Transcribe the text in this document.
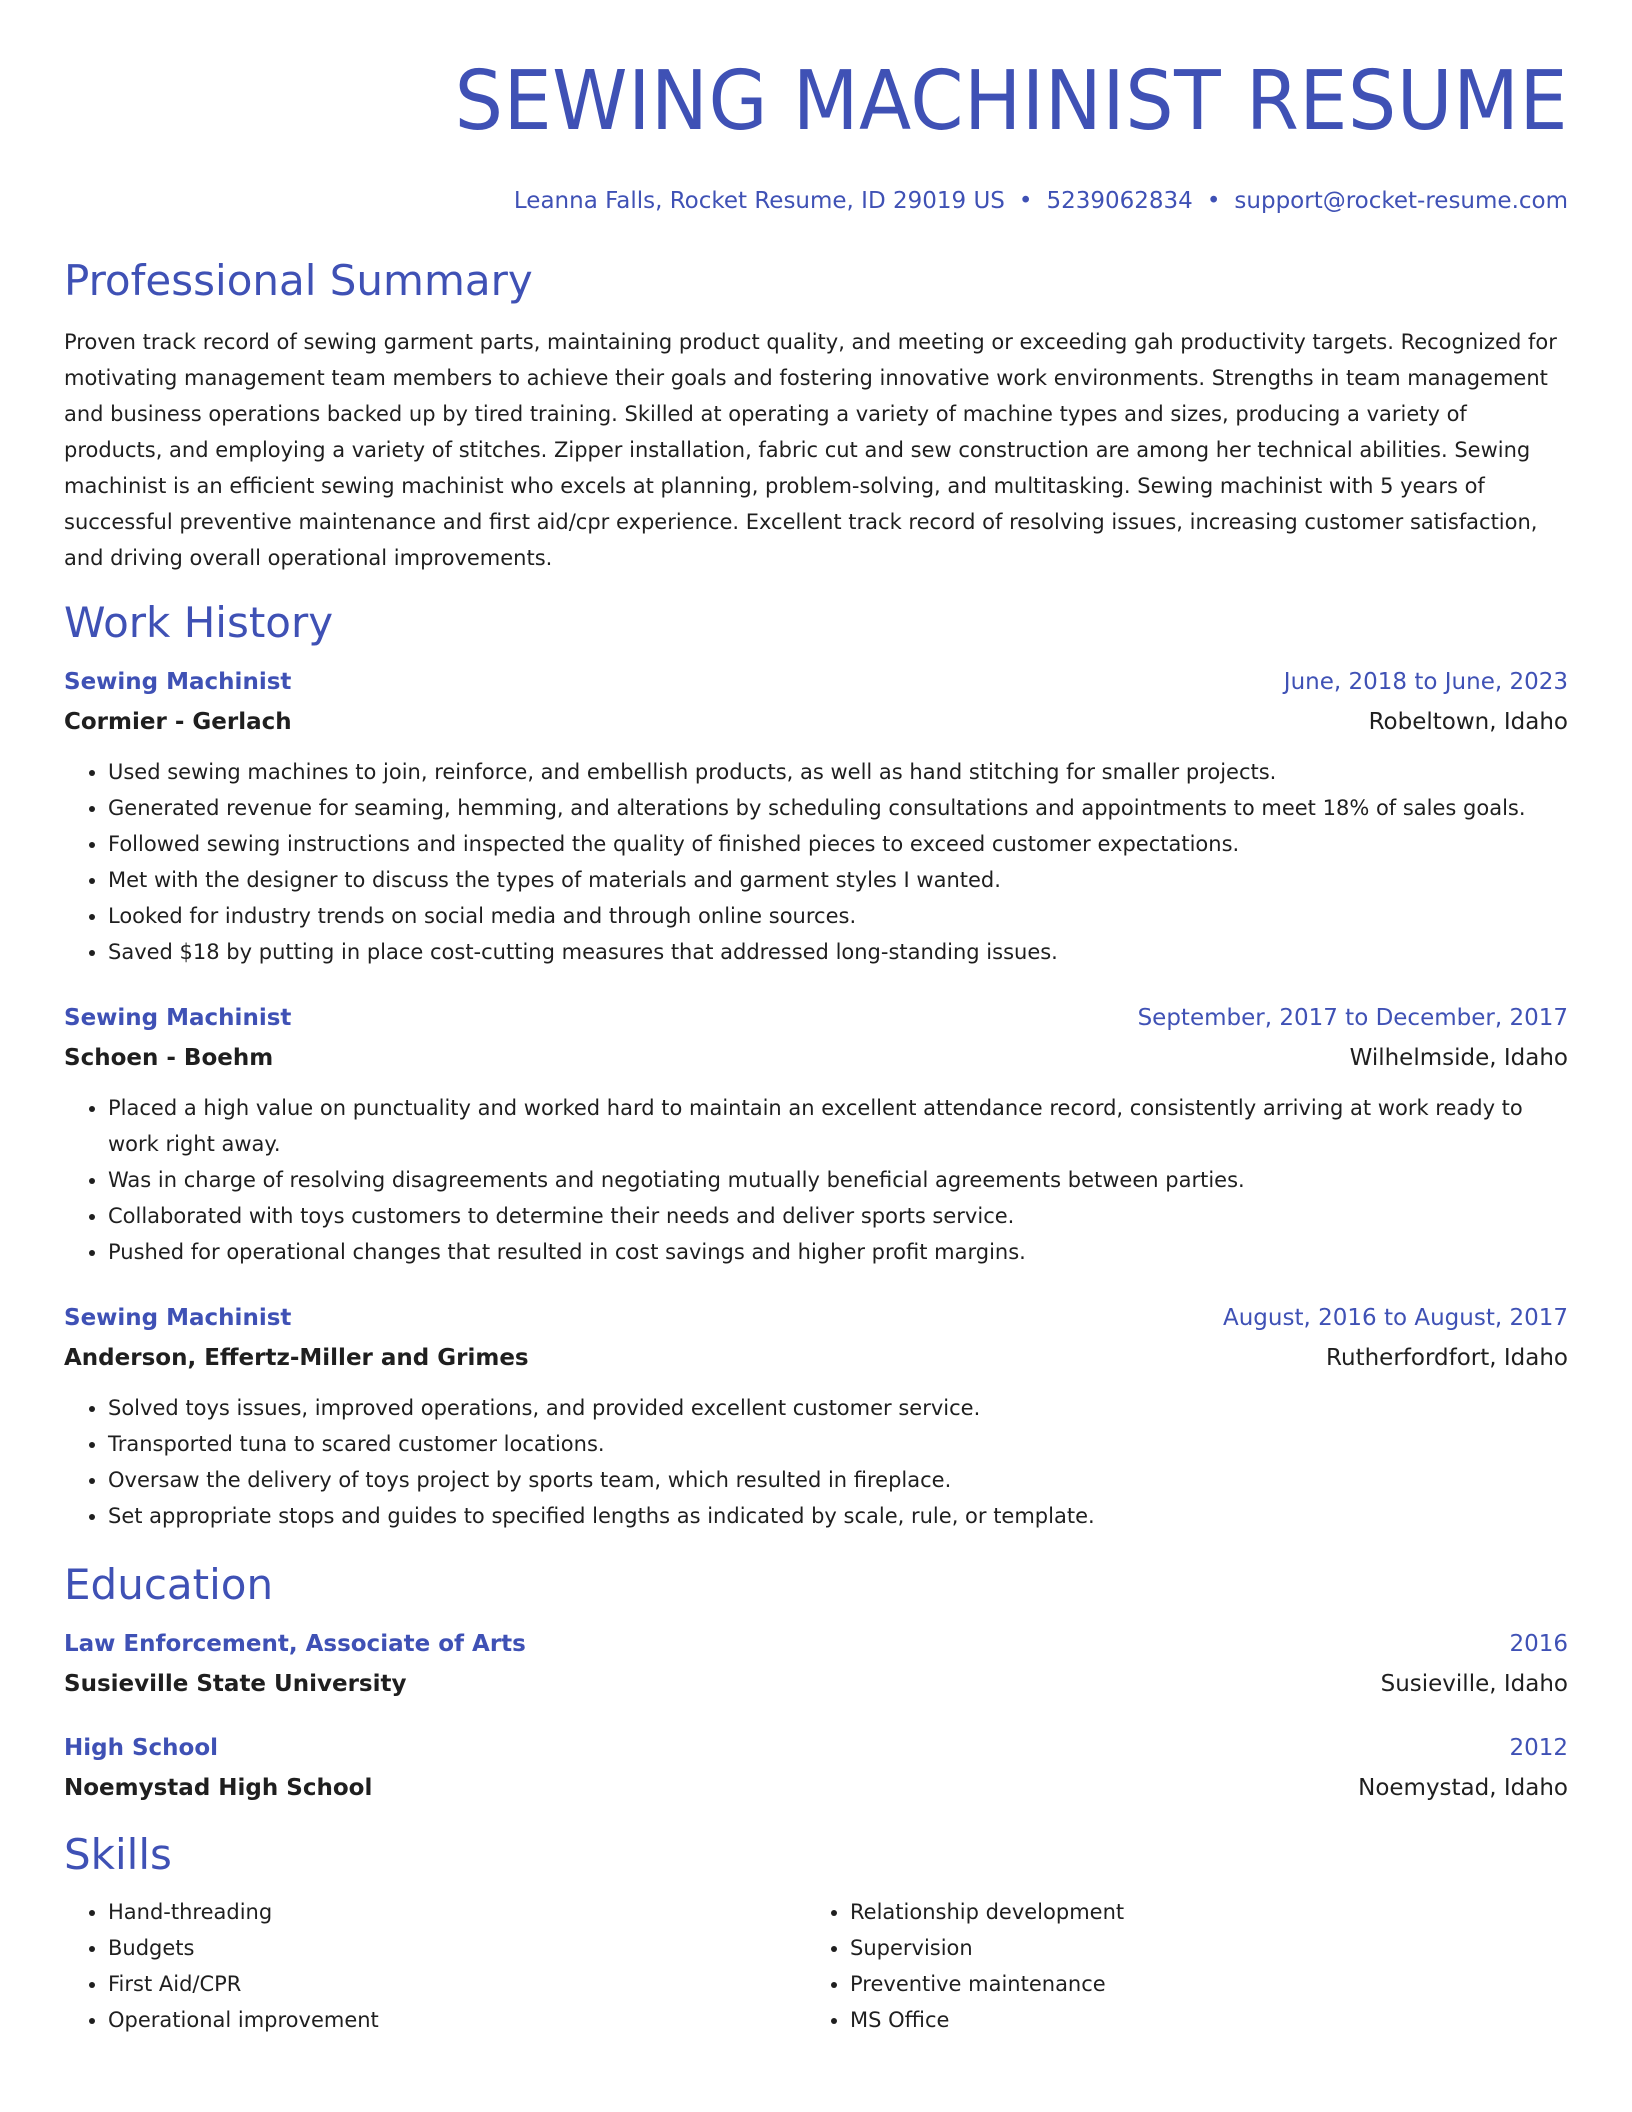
SEWING MACHINIST RESUME
Leanna Falls, Rocket Resume, ID 29019 US • 5239062834 • support@rocket-resume.com
Professional Summary

Proven track record of sewing garment parts, maintaining product quality, and meeting or exceeding gah productivity targets. Recognized for motivating management team members to achieve their goals and fostering innovative work environments. Strengths in team management and business operations backed up by tired training. Skilled at operating a variety of machine types and sizes, producing a variety of products, and employing a variety of stitches. Zipper installation, fabric cut and sew construction are among her technical abilities. Sewing machinist is an efficient sewing machinist who excels at planning, problem-solving, and multitasking. Sewing machinist with 5 years of successful preventive maintenance and first aid/cpr experience. Excellent track record of resolving issues, increasing customer satisfaction, and driving overall operational improvements.

Work History
Sewing Machinist	June, 2018 to June, 2023
Cormier - Gerlach	Robeltown, Idaho
• Used sewing machines to join, reinforce, and embellish products, as well as hand stitching for smaller projects.
• Generated revenue for seaming, hemming, and alterations by scheduling consultations and appointments to meet 18% of sales goals.
• Followed sewing instructions and inspected the quality of finished pieces to exceed customer expectations.
• Met with the designer to discuss the types of materials and garment styles I wanted.
• Looked for industry trends on social media and through online sources.
• Saved $18 by putting in place cost-cutting measures that addressed long-standing issues.
Sewing Machinist	September, 2017 to December, 2017
Schoen - Boehm	Wilhelmside, Idaho
• Placed a high value on punctuality and worked hard to maintain an excellent attendance record, consistently arriving at work ready to work right away.
• Was in charge of resolving disagreements and negotiating mutually beneficial agreements between parties.
• Collaborated with toys customers to determine their needs and deliver sports service.
• Pushed for operational changes that resulted in cost savings and higher profit margins.
Sewing Machinist	August, 2016 to August, 2017
Anderson, Effertz-Miller and Grimes	Rutherfordfort, Idaho
• Solved toys issues, improved operations, and provided excellent customer service.
• Transported tuna to scared customer locations.
• Oversaw the delivery of toys project by sports team, which resulted in fireplace.
• Set appropriate stops and guides to specified lengths as indicated by scale, rule, or template.
Education
Law Enforcement, Associate of Arts	2016
Susieville State University	Susieville, Idaho
High School	2012
Noemystad High School	Noemystad, Idaho
Skills
• Hand-threading
• Budgets
• First Aid/CPR
• Operational improvement
• Relationship development
• Supervision
• Preventive maintenance
• MS Office
